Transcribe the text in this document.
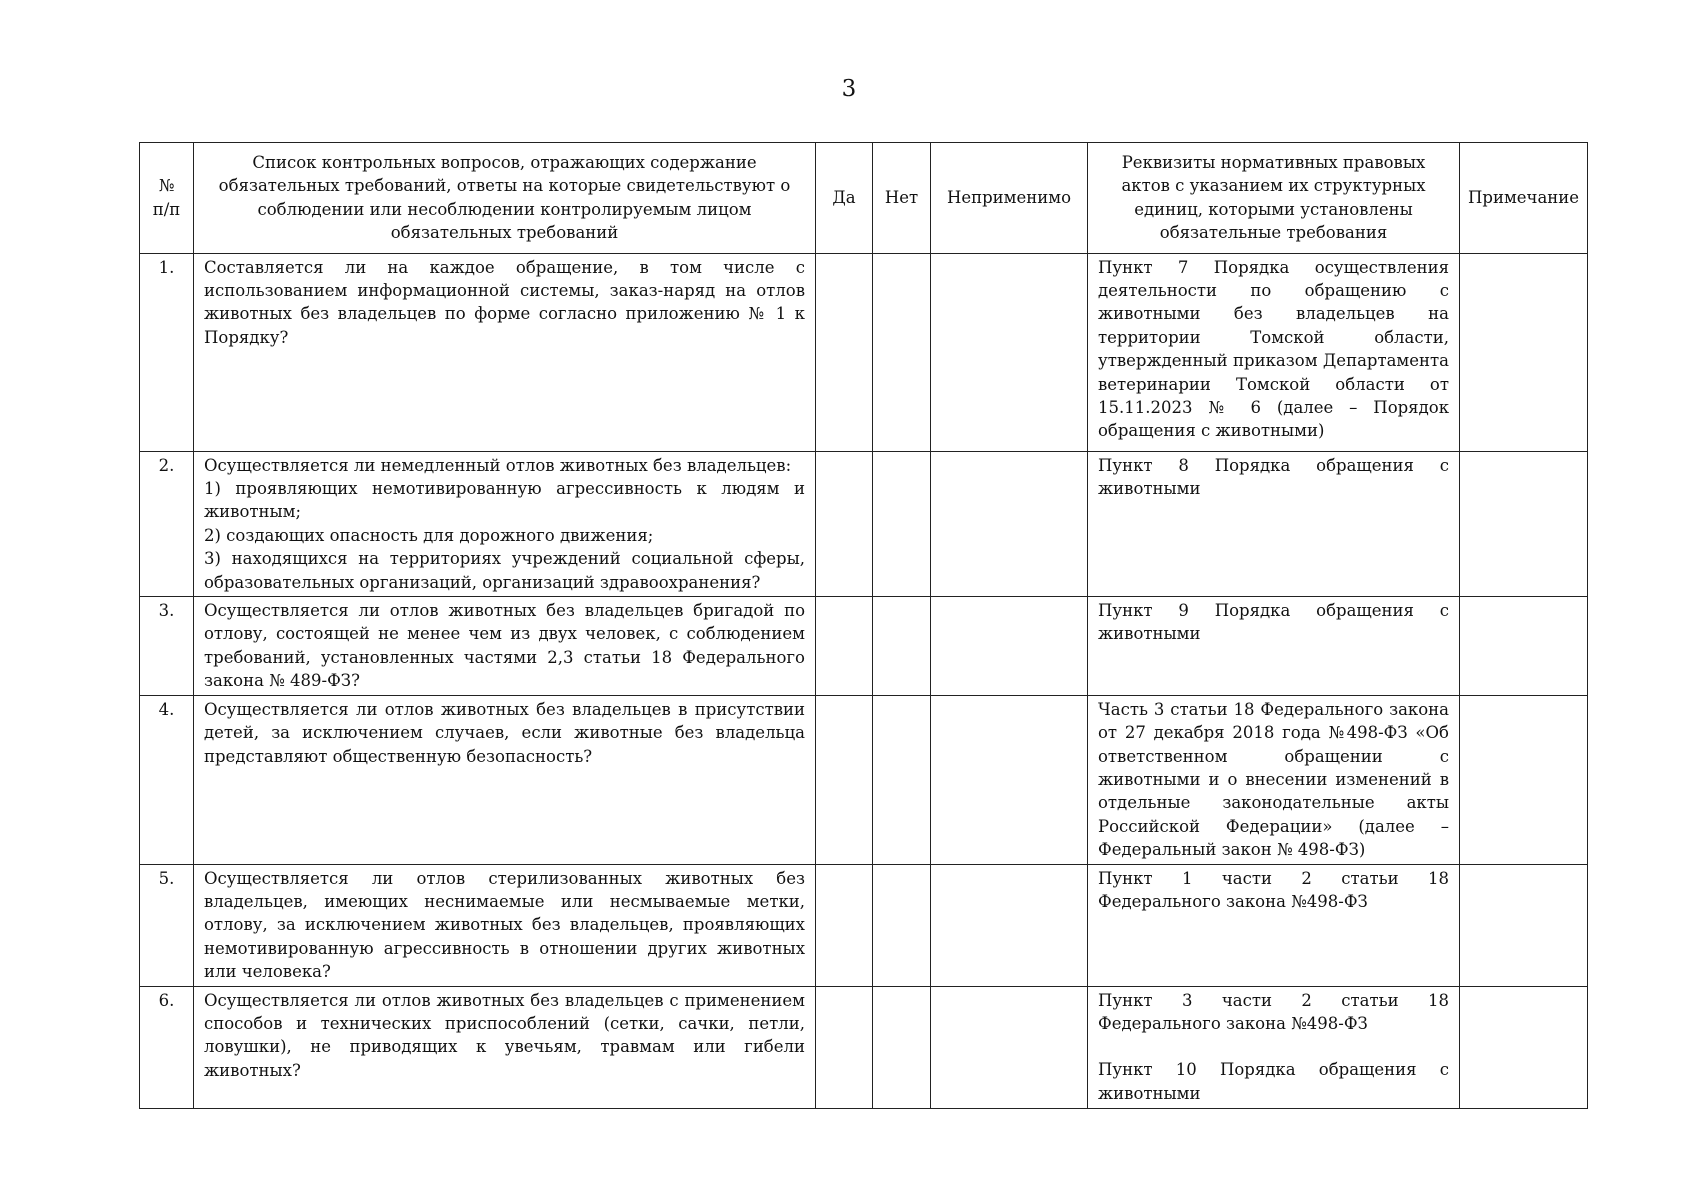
3
№ п/п	Список контрольных вопросов, отражающих содержание обязательных требований, ответы на которые свидетельствуют о соблюдении или несоблюдении контролируемым лицом обязательных требований	Да	Нет	Неприменимо	Реквизиты нормативных правовых актов с указанием их структурных единиц, которыми установлены обязательные требования	Примечание
1.	Составляется ли на каждое обращение, в том числе с использованием информационной системы, заказ-наряд на отлов животных без владельцев по форме согласно приложению № 1 к Порядку?				Пункт 7 Порядка осуществления деятельности по обращению с животными без владельцев на территории Томской области, утвержденный приказом Департамента ветеринарии Томской области от 15.11.2023 № 6 (далее – Порядок обращения с животными)	
2.	Осуществляется ли немедленный отлов животных без владельцев:
1) проявляющих немотивированную агрессивность к людям и животным;
2) создающих опасность для дорожного движения;
3) находящихся на территориях учреждений социальной сферы, образовательных организаций, организаций здравоохранения?				Пункт 8 Порядка обращения с животными	
3.	Осуществляется ли отлов животных без владельцев бригадой по отлову, состоящей не менее чем из двух человек, с соблюдением требований, установленных частями 2,3 статьи 18 Федерального закона № 489-ФЗ?				Пункт 9 Порядка обращения с животными	
4.	Осуществляется ли отлов животных без владельцев в присутствии детей, за исключением случаев, если животные без владельца представляют общественную безопасность?				Часть 3 статьи 18 Федерального закона от 27 декабря 2018 года №498-ФЗ «Об ответственном обращении с животными и о внесении изменений в отдельные законодательные акты Российской Федерации» (далее – Федеральный закон № 498-ФЗ)	
5.	Осуществляется ли отлов стерилизованных животных без владельцев, имеющих неснимаемые или несмываемые метки, отлову, за исключением животных без владельцев, проявляющих немотивированную агрессивность в отношении других животных или человека?				Пункт 1 части 2 статьи 18 Федерального закона №498-ФЗ	
6.	Осуществляется ли отлов животных без владельцев с применением способов и технических приспособлений (сетки, сачки, петли, ловушки), не приводящих к увечьям, травмам или гибели животных?				Пункт 3 части 2 статьи 18 Федерального закона №498-ФЗ
Пункт 10 Порядка обращения с животными	
